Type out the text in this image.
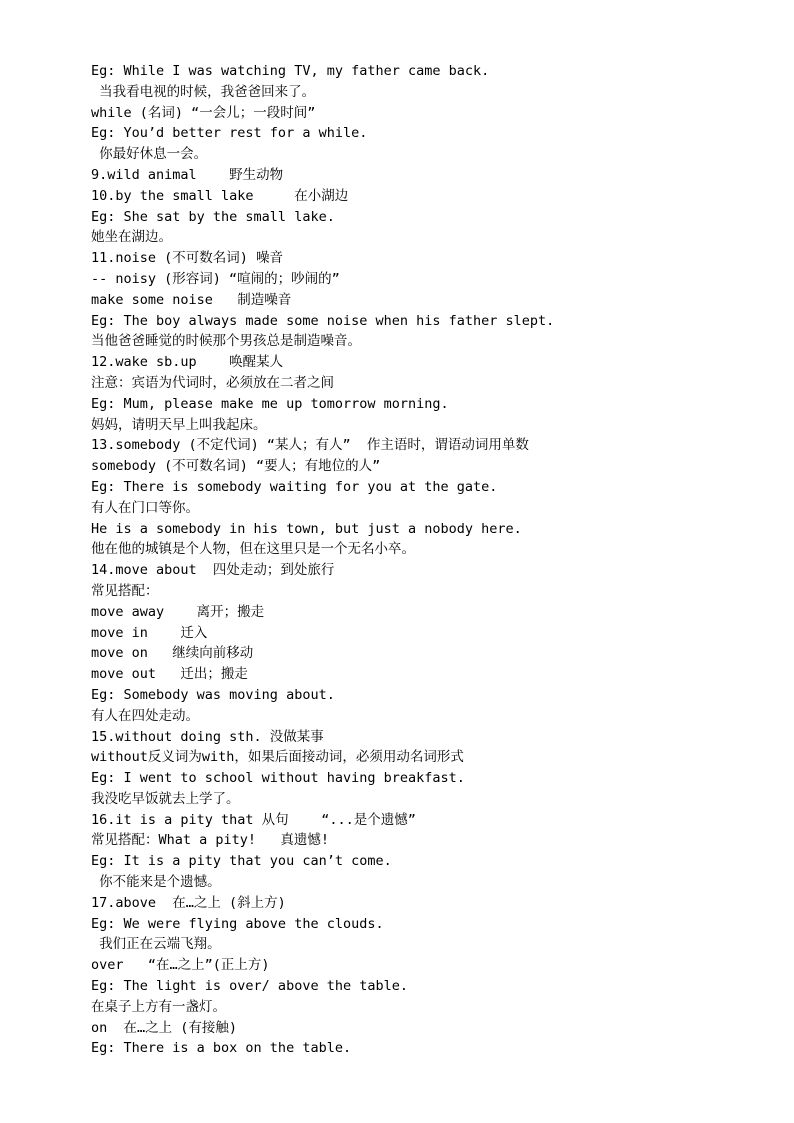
Eg: While I was watching TV, my father came back.
当我看电视的时候，我爸爸回来了。
while (名词) “一会儿；一段时间”
Eg: You’d better rest for a while.
你最好休息一会。
9.wild animal    野生动物
10.by the small lake     在小湖边
Eg: She sat by the small lake.
她坐在湖边。
11.noise (不可数名词) 噪音
-- noisy (形容词) “喧闹的；吵闹的”
make some noise   制造噪音
Eg: The boy always made some noise when his father slept.
当他爸爸睡觉的时候那个男孩总是制造噪音。
12.wake sb.up    唤醒某人
注意：宾语为代词时，必须放在二者之间
Eg: Mum, please make me up tomorrow morning.
妈妈，请明天早上叫我起床。
13.somebody (不定代词) “某人；有人”  作主语时，谓语动词用单数
somebody (不可数名词) “要人；有地位的人”
Eg: There is somebody waiting for you at the gate.
有人在门口等你。
He is a somebody in his town, but just a nobody here.
他在他的城镇是个人物，但在这里只是一个无名小卒。
14.move about  四处走动；到处旅行
常见搭配：
move away    离开；搬走
move in    迁入
move on   继续向前移动
move out   迁出；搬走
Eg: Somebody was moving about.
有人在四处走动。
15.without doing sth. 没做某事
without反义词为with，如果后面接动词，必须用动名词形式
Eg: I went to school without having breakfast.
我没吃早饭就去上学了。
16.it is a pity that 从句    “...是个遗憾”
常见搭配：What a pity!   真遗憾!
Eg: It is a pity that you can’t come.
你不能来是个遗憾。
17.above  在…之上 (斜上方)
Eg: We were flying above the clouds.
我们正在云端飞翔。
over   “在…之上”(正上方)
Eg: The light is over/ above the table.
在桌子上方有一盏灯。
on  在…之上 (有接触)
Eg: There is a box on the table.
